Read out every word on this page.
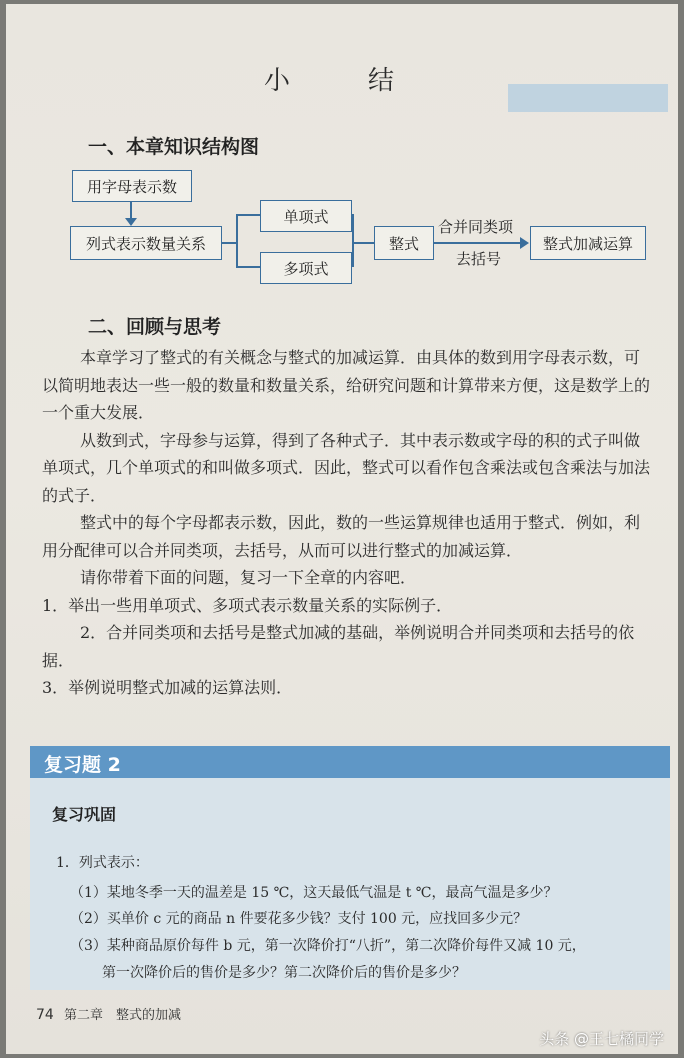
小　结
一、本章知识结构图
用字母表示数
列式表示数量关系
单项式
多项式
整式
合并同类项
去括号
整式加减运算
二、回顾与思考

本章学习了整式的有关概念与整式的加减运算．由具体的数到用字母表示数，可以简明地表达一些一般的数量和数量关系，给研究问题和计算带来方便，这是数学上的一个重大发展．

从数到式，字母参与运算，得到了各种式子．其中表示数或字母的积的式子叫做单项式，几个单项式的和叫做多项式．因此，整式可以看作包含乘法或包含乘法与加法的式子．

整式中的每个字母都表示数，因此，数的一些运算规律也适用于整式．例如，利用分配律可以合并同类项，去括号，从而可以进行整式的加减运算．

请你带着下面的问题，复习一下全章的内容吧．

1．举出一些用单项式、多项式表示数量关系的实际例子．

2．合并同类项和去括号是整式加减的基础，举例说明合并同类项和去括号的依据．

3．举例说明整式加减的运算法则．

复习题 2
复习巩固
1．列式表示：
（1）某地冬季一天的温差是 15 ℃，这天最低气温是 t ℃，最高气温是多少？
（2）买单价 c 元的商品 n 件要花多少钱？支付 100 元，应找回多少元？
（3）某种商品原价每件 b 元，第一次降价打“八折”，第二次降价每件又减 10 元，
第一次降价后的售价是多少？第二次降价后的售价是多少？
74 第二章　整式的加减
头条 @王七橘同学
